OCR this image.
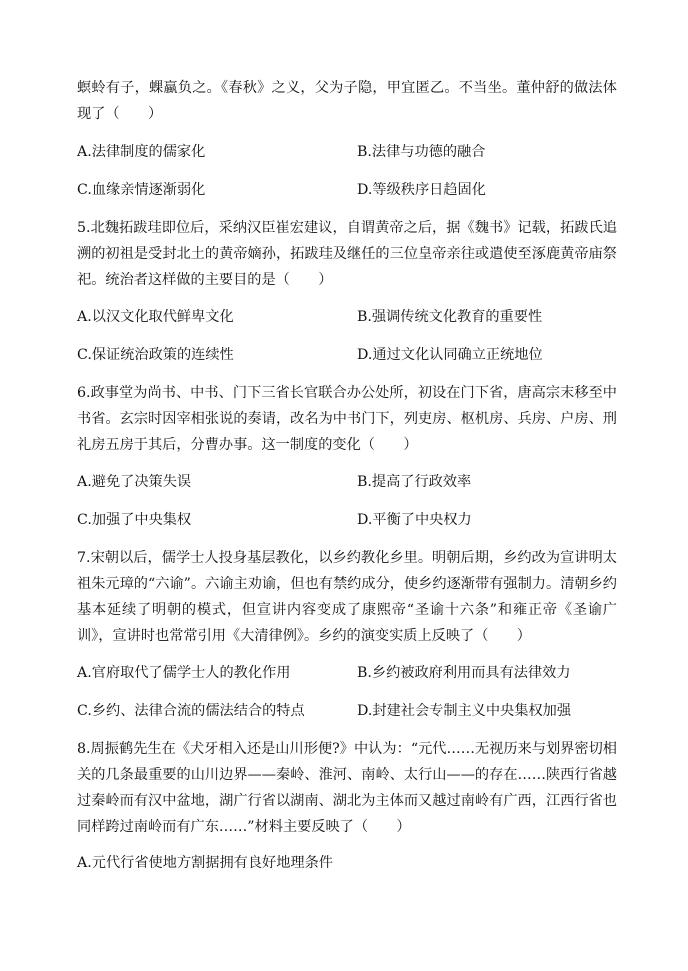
螟蛉有子，蜾蠃负之。《春秋》之义，父为子隐，甲宜匿乙。不当坐。董仲舒的做法体现了（　　）

A.法律制度的儒家化	B.法律与功德的融合

C.血缘亲情逐渐弱化	D.等级秩序日趋固化

5.北魏拓跋珪即位后，采纳汉臣崔宏建议，自谓黄帝之后，据《魏书》记载，拓跋氏追溯的初祖是受封北土的黄帝嫡孙，拓跋珪及继任的三位皇帝亲往或遣使至涿鹿黄帝庙祭祀。统治者这样做的主要目的是（　　）

A.以汉文化取代鲜卑文化	B.强调传统文化教育的重要性

C.保证统治政策的连续性	D.通过文化认同确立正统地位

6.政事堂为尚书、中书、门下三省长官联合办公处所，初设在门下省，唐高宗末移至中书省。玄宗时因宰相张说的奏请，改名为中书门下，列吏房、枢机房、兵房、户房、刑礼房五房于其后，分曹办事。这一制度的变化（　　）

A.避免了决策失误	B.提高了行政效率

C.加强了中央集权	D.平衡了中央权力

7.宋朝以后，儒学士人投身基层教化，以乡约教化乡里。明朝后期，乡约改为宣讲明太祖朱元璋的“六谕”。六谕主劝谕，但也有禁约成分，使乡约逐渐带有强制力。清朝乡约基本延续了明朝的模式，但宣讲内容变成了康熙帝“圣谕十六条”和雍正帝《圣谕广训》，宣讲时也常常引用《大清律例》。乡约的演变实质上反映了（　　）

A.官府取代了儒学士人的教化作用	B.乡约被政府利用而具有法律效力

C.乡约、法律合流的儒法结合的特点	D.封建社会专制主义中央集权加强

8.周振鹤先生在《犬牙相入还是山川形便?》中认为：“元代……无视历来与划界密切相关的几条最重要的山川边界——秦岭、淮河、南岭、太行山——的存在……陕西行省越过秦岭而有汉中盆地，湖广行省以湖南、湖北为主体而又越过南岭有广西，江西行省也同样跨过南岭而有广东……”材料主要反映了（　　）

A.元代行省使地方割据拥有良好地理条件
